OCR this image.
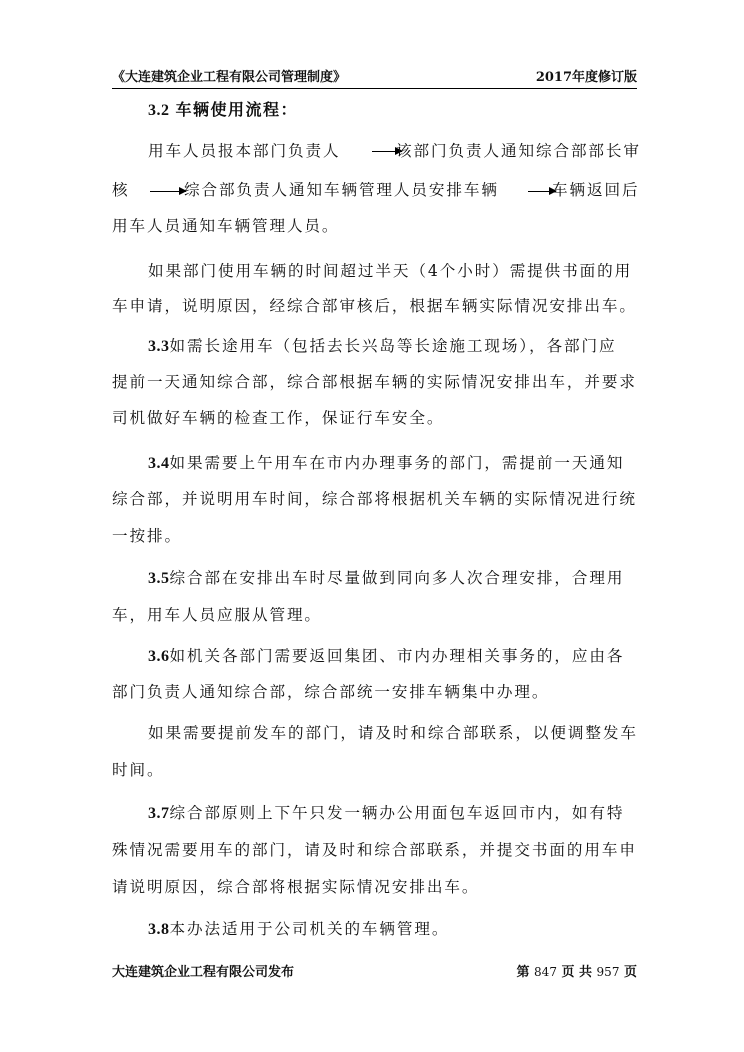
《大连建筑企业工程有限公司管理制度》	2017年度修订版
3.2 车辆使用流程：
用车人员报本部门负责人	该部门负责人通知综合部部长审
核	综合部负责人通知车辆管理人员安排车辆	车辆返回后
用车人员通知车辆管理人员。
如果部门使用车辆的时间超过半天（4个小时）需提供书面的用
车申请，说明原因，经综合部审核后，根据车辆实际情况安排出车。
3.3如需长途用车（包括去长兴岛等长途施工现场），各部门应
提前一天通知综合部，综合部根据车辆的实际情况安排出车，并要求
司机做好车辆的检查工作，保证行车安全。
3.4如果需要上午用车在市内办理事务的部门，需提前一天通知
综合部，并说明用车时间，综合部将根据机关车辆的实际情况进行统
一按排。
3.5综合部在安排出车时尽量做到同向多人次合理安排，合理用
车，用车人员应服从管理。
3.6如机关各部门需要返回集团、市内办理相关事务的，应由各
部门负责人通知综合部，综合部统一安排车辆集中办理。
如果需要提前发车的部门，请及时和综合部联系，以便调整发车
时间。
3.7综合部原则上下午只发一辆办公用面包车返回市内，如有特
殊情况需要用车的部门，请及时和综合部联系，并提交书面的用车申
请说明原因，综合部将根据实际情况安排出车。
3.8本办法适用于公司机关的车辆管理。
大连建筑企业工程有限公司发布	第 847 页 共 957 页
